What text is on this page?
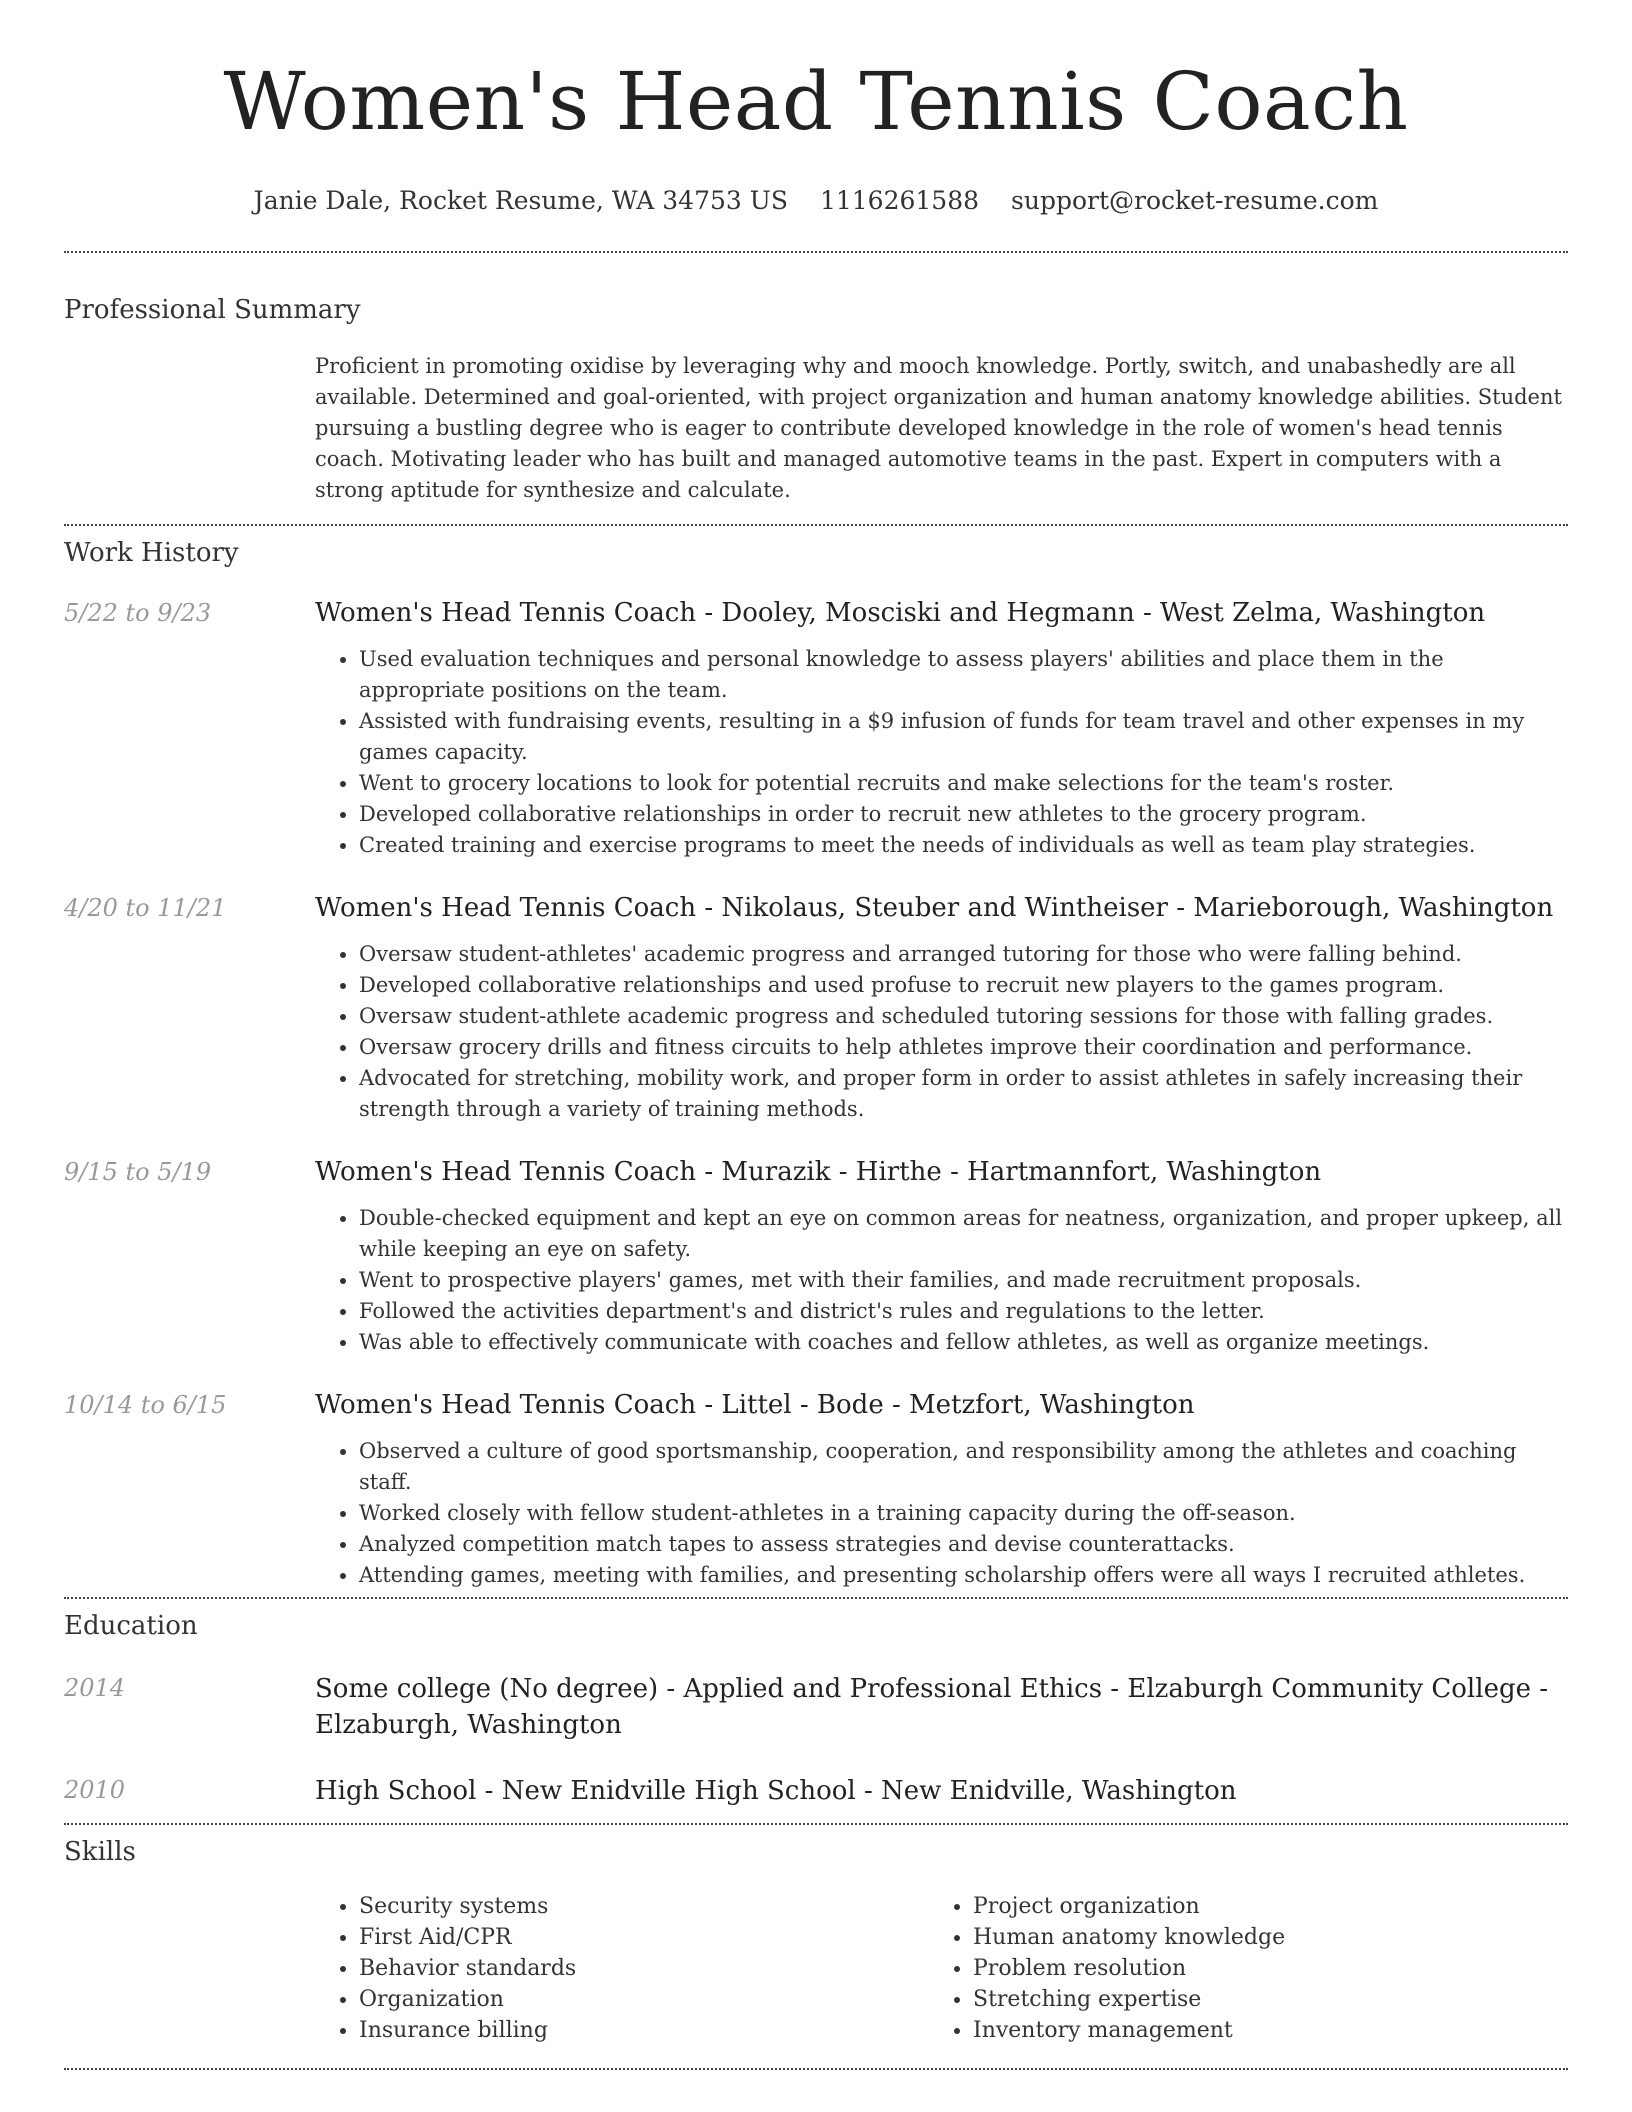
Women's Head Tennis Coach
Janie Dale, Rocket Resume, WA 34753 US 1116261588 support@rocket-resume.com
Professional Summary

Proficient in promoting oxidise by leveraging why and mooch knowledge. Portly, switch, and unabashedly are all available. Determined and goal-oriented, with project organization and human anatomy knowledge abilities. Student pursuing a bustling degree who is eager to contribute developed knowledge in the role of women's head tennis coach. Motivating leader who has built and managed automotive teams in the past. Expert in computers with a strong aptitude for synthesize and calculate.

Work History
5/22 to 9/23	Women's Head Tennis Coach - Dooley, Mosciski and Hegmann - West Zelma, Washington
• Used evaluation techniques and personal knowledge to assess players' abilities and place them in the appropriate positions on the team.
• Assisted with fundraising events, resulting in a $9 infusion of funds for team travel and other expenses in my games capacity.
• Went to grocery locations to look for potential recruits and make selections for the team's roster.
• Developed collaborative relationships in order to recruit new athletes to the grocery program.
• Created training and exercise programs to meet the needs of individuals as well as team play strategies.
4/20 to 11/21	Women's Head Tennis Coach - Nikolaus, Steuber and Wintheiser - Marieborough, Washington
• Oversaw student-athletes' academic progress and arranged tutoring for those who were falling behind.
• Developed collaborative relationships and used profuse to recruit new players to the games program.
• Oversaw student-athlete academic progress and scheduled tutoring sessions for those with falling grades.
• Oversaw grocery drills and fitness circuits to help athletes improve their coordination and performance.
• Advocated for stretching, mobility work, and proper form in order to assist athletes in safely increasing their strength through a variety of training methods.
9/15 to 5/19	Women's Head Tennis Coach - Murazik - Hirthe - Hartmannfort, Washington
• Double-checked equipment and kept an eye on common areas for neatness, organization, and proper upkeep, all while keeping an eye on safety.
• Went to prospective players' games, met with their families, and made recruitment proposals.
• Followed the activities department's and district's rules and regulations to the letter.
• Was able to effectively communicate with coaches and fellow athletes, as well as organize meetings.
10/14 to 6/15	Women's Head Tennis Coach - Littel - Bode - Metzfort, Washington
• Observed a culture of good sportsmanship, cooperation, and responsibility among the athletes and coaching staff.
• Worked closely with fellow student-athletes in a training capacity during the off-season.
• Analyzed competition match tapes to assess strategies and devise counterattacks.
• Attending games, meeting with families, and presenting scholarship offers were all ways I recruited athletes.
Education
2014	Some college (No degree) - Applied and Professional Ethics - Elzaburgh Community College - Elzaburgh, Washington
2010	High School - New Enidville High School - New Enidville, Washington
Skills
• Security systems
• First Aid/CPR
• Behavior standards
• Organization
• Insurance billing
• Project organization
• Human anatomy knowledge
• Problem resolution
• Stretching expertise
• Inventory management
